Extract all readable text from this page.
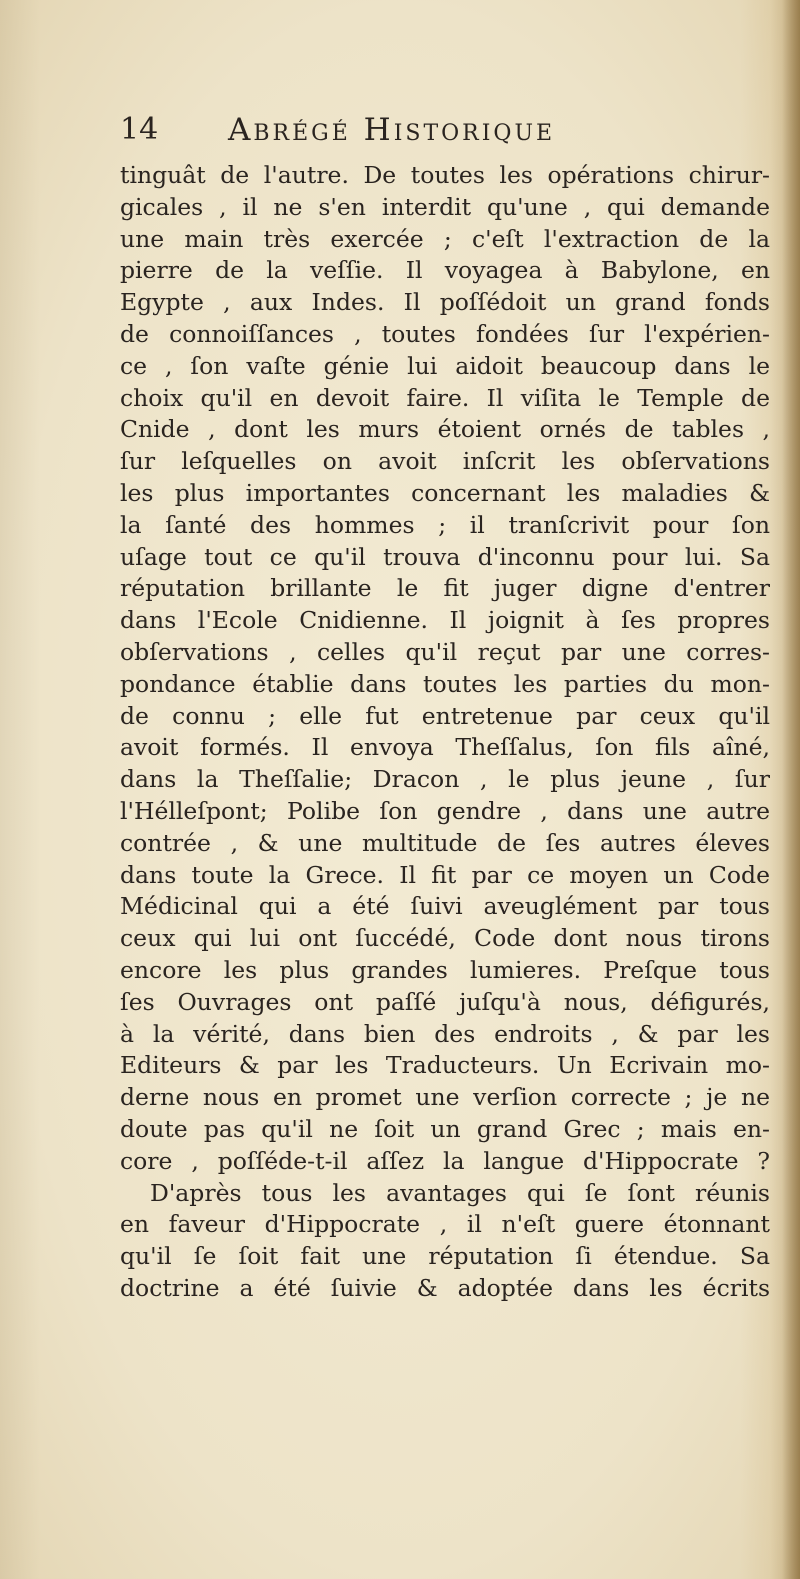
14 Abrégé Historique
tinguât de l'autre. De toutes les opérations chirur-
gicales , il ne s'en interdit qu'une , qui demande
une main très exercée ; c'eſt l'extraction de la
pierre de la veſſie. Il voyagea à Babylone, en
Egypte , aux Indes. Il poſſédoit un grand fonds
de connoiſſances , toutes fondées ſur l'expérien-
ce , ſon vaſte génie lui aidoit beaucoup dans le
choix qu'il en devoit faire. Il viſita le Temple de
Cnide , dont les murs étoient ornés de tables ,
ſur leſquelles on avoit inſcrit les obſervations
les plus importantes concernant les maladies &
la ſanté des hommes ; il tranſcrivit pour ſon
uſage tout ce qu'il trouva d'inconnu pour lui. Sa
réputation brillante le fit juger digne d'entrer
dans l'Ecole Cnidienne. Il joignit à ſes propres
obſervations , celles qu'il reçut par une corres-
pondance établie dans toutes les parties du mon-
de connu ; elle fut entretenue par ceux qu'il
avoit formés. Il envoya Theſſalus, ſon fils aîné,
dans la Theſſalie; Dracon , le plus jeune , ſur
l'Hélleſpont; Polibe ſon gendre , dans une autre
contrée , & une multitude de ſes autres éleves
dans toute la Grece. Il fit par ce moyen un Code
Médicinal qui a été ſuivi aveuglément par tous
ceux qui lui ont ſuccédé, Code dont nous tirons
encore les plus grandes lumieres. Preſque tous
ſes Ouvrages ont paſſé juſqu'à nous, défigurés,
à la vérité, dans bien des endroits , & par les
Editeurs & par les Traducteurs. Un Ecrivain mo-
derne nous en promet une verſion correcte ; je ne
doute pas qu'il ne ſoit un grand Grec ; mais en-
core , poſſéde-t-il aſſez la langue d'Hippocrate ?
D'après tous les avantages qui ſe ſont réunis
en faveur d'Hippocrate , il n'eſt guere étonnant
qu'il ſe ſoit fait une réputation ſi étendue. Sa
doctrine a été ſuivie & adoptée dans les écrits
